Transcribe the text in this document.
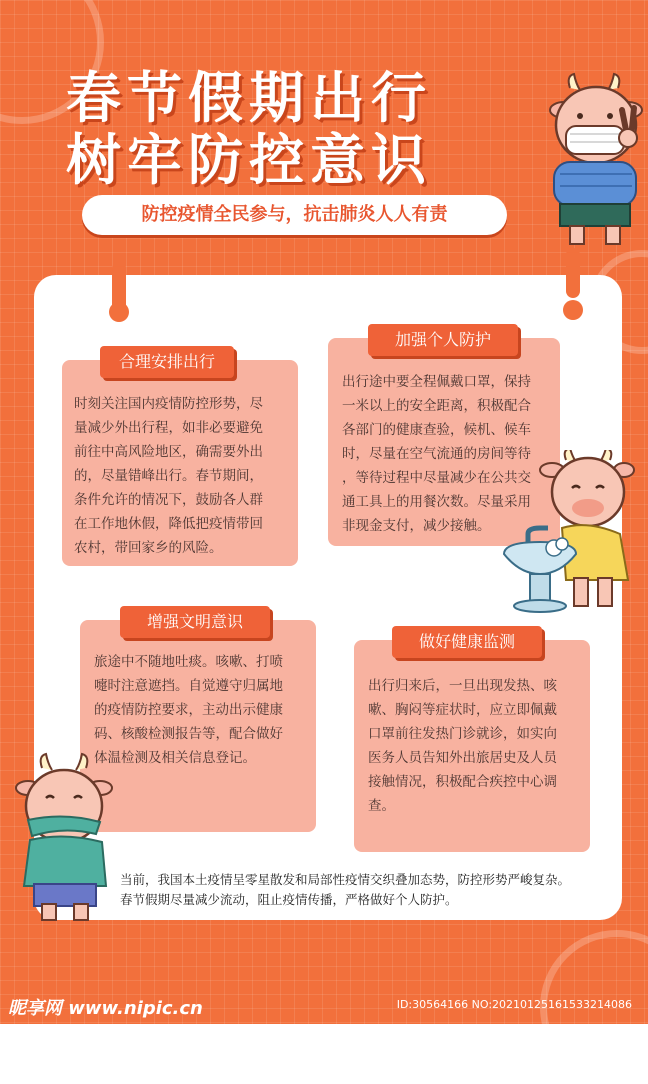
春节假期出行
树牢防控意识
防控疫情全民参与，抗击肺炎人人有责
时刻关注国内疫情防控形势，尽
量减少外出行程，如非必要避免
前往中高风险地区，确需要外出
的，尽量错峰出行。春节期间，
条件允许的情况下，鼓励各人群
在工作地休假，降低把疫情带回
农村，带回家乡的风险。
合理安排出行
出行途中要全程佩戴口罩，保持
一米以上的安全距离，积极配合
各部门的健康查验，候机、候车
时，尽量在空气流通的房间等待
，等待过程中尽量减少在公共交
通工具上的用餐次数。尽量采用
非现金支付，减少接触。
加强个人防护
旅途中不随地吐痰。咳嗽、打喷
嚏时注意遮挡。自觉遵守归属地
的疫情防控要求，主动出示健康
码、核酸检测报告等，配合做好
体温检测及相关信息登记。
增强文明意识
出行归来后，一旦出现发热、咳
嗽、胸闷等症状时，应立即佩戴
口罩前往发热门诊就诊，如实向
医务人员告知外出旅居史及人员
接触情况，积极配合疾控中心调
查。
做好健康监测
当前，我国本土疫情呈零星散发和局部性疫情交织叠加态势，防控形势严峻复杂。
春节假期尽量减少流动，阻止疫情传播，严格做好个人防护。
昵享网 www.nipic.cn	ID:30564166 NO:20210125161533214086
